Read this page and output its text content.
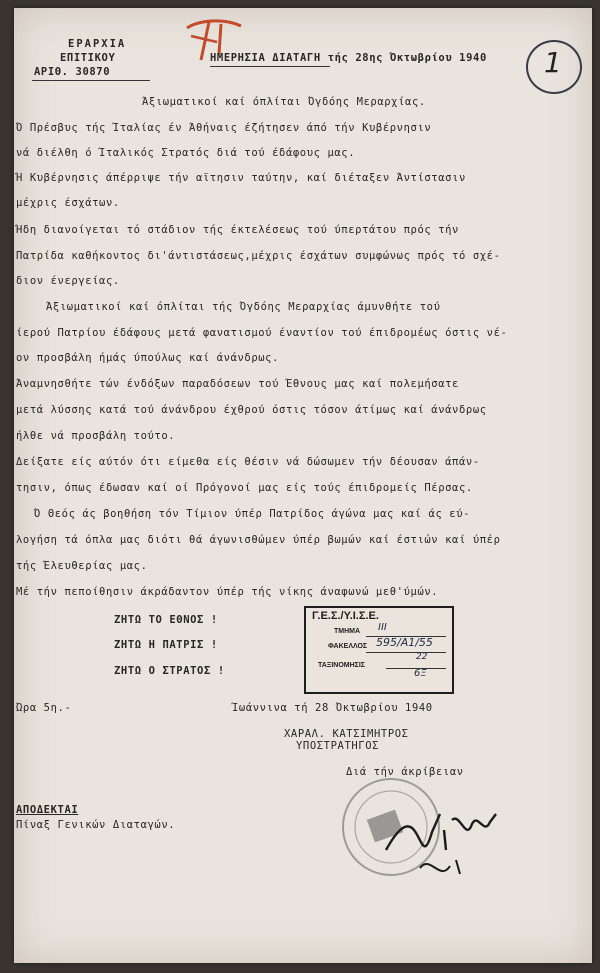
ΕΡΑΡΧΙΑ
ΕΠΙΤΙΚΟΥ
ΑΡΙΘ. 30870
ΗΜΕΡΗΣΙΑ ΔΙΑΤΑΓΗ τής 28ης Όκτωβρίου 1940 1
Άξιωματικοί καί όπλίται Όγδόης Μεραρχίας.
Ό Πρέσβυς τής Ίταλίας έν Άθήναις έζήτησεν άπό τήν Κυβέρνησιν
νά διέλθη ό Ίταλικός Στρατός διά τού έδάφους μας.
Ή Κυβέρνησις άπέρριψε τήν αϊτησιν ταύτην, καί διέταξεν Άντίστασιν
μέχρις έσχάτων.
Ήδη διανοίγεται τό στάδιον τής έκτελέσεως τού ύπερτάτου πρός τήν
Πατρίδα καθήκοντος δι'άντιστάσεως,μέχρις έσχάτων συμφώνως πρός τό σχέ-
διον ένεργείας.
Άξιωματικοί καί όπλίται τής Όγδόης Μεραρχίας άμυνθήτε τού
ίερού Πατρίου έδάφους μετά φανατισμού έναντίον τού έπιδρομέως όστις νέ-
ον προσβάλη ήμάς ύπούλως καί άνάνδρως.
Άναμνησθήτε τών ένδόξων παραδόσεων τού Έθνους μας καί πολεμήσατε
μετά λύσσης κατά τού άνάνδρου έχθρού όστις τόσον άτίμως καί άνάνδρως
ήλθε νά προσβάλη τούτο.
Δείξατε είς αύτόν ότι είμεθα είς θέσιν νά δώσωμεν τήν δέουσαν άπάν-
τησιν, όπως έδωσαν καί οί Πρόγονοί μας είς τούς έπιδρομείς Πέρσας.
Ό Θεός άς βοηθήση τόν Τίμιον ύπέρ Πατρίδος άγώνα μας καί άς εύ-
λογήση τά όπλα μας διότι θά άγωνισθώμεν ύπέρ βωμών καί έστιών καί ύπέρ
τής Έλευθερίας μας.
Μέ τήν πεποίθησιν άκράδαντον ύπέρ τής νίκης άναφωνώ μεθ'ύμών.
ΖΗΤΩ ΤΟ ΕΘΝΟΣ !
ΖΗΤΩ Η ΠΑΤΡΙΣ !
ΖΗΤΩ Ο ΣΤΡΑΤΟΣ !
Γ.Ε.Σ./Υ.Ι.Σ.Ε.
ΤΜΗΜΑ ΙΙΙ
ΦΑΚΕΛΛΟΣ 595/Α1/55
ΤΑΞΙΝΟΜΗΣΙΣ
22
6Ξ
Ώρα 5η.-	Ίωάννινα τή 28 Όκτωβρίου 1940
ΧΑΡΑΛ. ΚΑΤΣΙΜΗΤΡΟΣ
ΥΠΟΣΤΡΑΤΗΓΟΣ
Διά τήν άκρίβειαν
ΑΠΟΔΕΚΤΑΙ
Πίναξ Γενικών Διαταγών.
